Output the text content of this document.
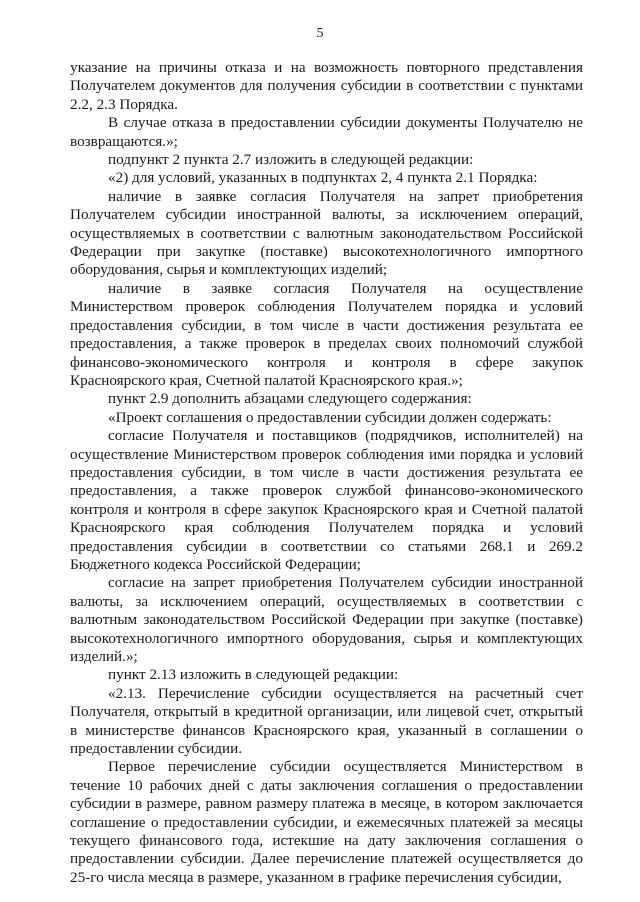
5

указание на причины отказа и на возможность повторного представления Получателем документов для получения субсидии в соответствии с пунктами 2.2, 2.3 Порядка.

В случае отказа в предоставлении субсидии документы Получателю не возвращаются.»;

подпункт 2 пункта 2.7 изложить в следующей редакции:

«2) для условий, указанных в подпунктах 2, 4 пункта 2.1 Порядка:

наличие в заявке согласия Получателя на запрет приобретения Получателем субсидии иностранной валюты, за исключением операций, осуществляемых в соответствии с валютным законодательством Российской Федерации при закупке (поставке) высокотехнологичного импортного оборудования, сырья и комплектующих изделий;

наличие в заявке согласия Получателя на осуществление Министерством проверок соблюдения Получателем порядка и условий предоставления субсидии, в том числе в части достижения результата ее предоставления, а также проверок в пределах своих полномочий службой финансово-экономического контроля и контроля в сфере закупок Красноярского края, Счетной палатой Красноярского края.»;

пункт 2.9 дополнить абзацами следующего содержания:

«Проект соглашения о предоставлении субсидии должен содержать:

согласие Получателя и поставщиков (подрядчиков, исполнителей) на осуществление Министерством проверок соблюдения ими порядка и условий предоставления субсидии, в том числе в части достижения результата ее предоставления, а также проверок службой финансово-экономического контроля и контроля в сфере закупок Красноярского края и Счетной палатой Красноярского края соблюдения Получателем порядка и условий предоставления субсидии в соответствии со статьями 268.1 и 269.2 Бюджетного кодекса Российской Федерации;

согласие на запрет приобретения Получателем субсидии иностранной валюты, за исключением операций, осуществляемых в соответствии с валютным законодательством Российской Федерации при закупке (поставке) высокотехнологичного импортного оборудования, сырья и комплектующих изделий.»;

пункт 2.13 изложить в следующей редакции:

«2.13. Перечисление субсидии осуществляется на расчетный счет Получателя, открытый в кредитной организации, или лицевой счет, открытый в министерстве финансов Красноярского края, указанный в соглашении о предоставлении субсидии.

Первое перечисление субсидии осуществляется Министерством в течение 10 рабочих дней с даты заключения соглашения о предоставлении субсидии в размере, равном размеру платежа в месяце, в котором заключается соглашение о предоставлении субсидии, и ежемесячных платежей за месяцы текущего финансового года, истекшие на дату заключения соглашения о предоставлении субсидии. Далее перечисление платежей осуществляется до 25-го числа месяца в размере, указанном в графике перечисления субсидии,
